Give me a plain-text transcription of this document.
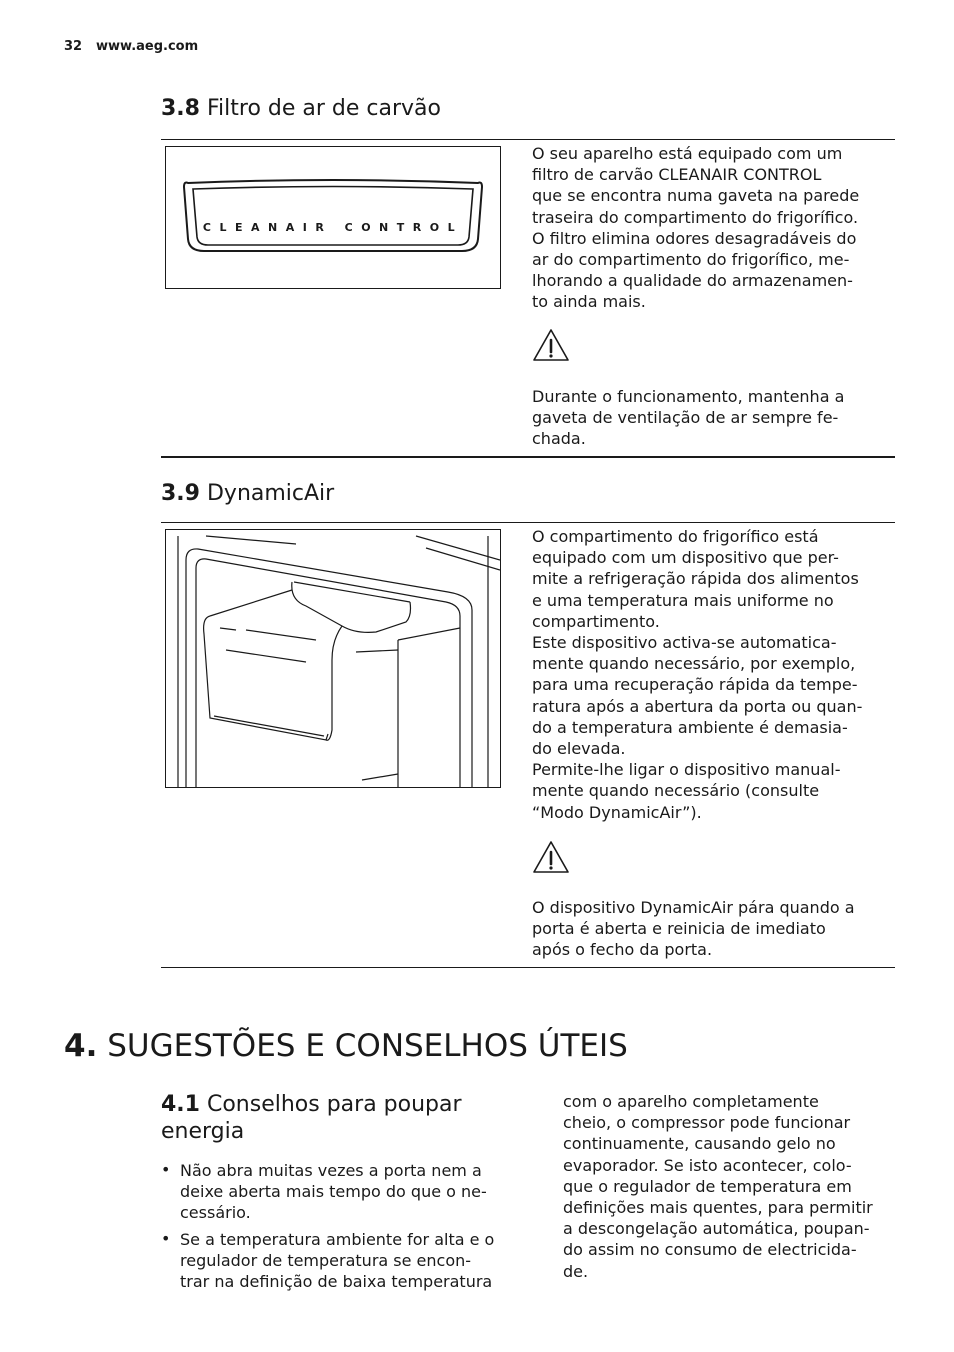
32 www.aeg.com
3.8 Filtro de ar de carvão
CLEANAIR CONTROL
O seu aparelho está equipado com um
filtro de carvão CLEANAIR CONTROL
que se encontra numa gaveta na parede
traseira do compartimento do frigorífico.
O filtro elimina odores desagradáveis do
ar do compartimento do frigorífico, me-
lhorando a qualidade do armazenamen-
to ainda mais.
Durante o funcionamento, mantenha a
gaveta de ventilação de ar sempre fe-
chada.
3.9 DynamicAir
O compartimento do frigorífico está
equipado com um dispositivo que per-
mite a refrigeração rápida dos alimentos
e uma temperatura mais uniforme no
compartimento.
Este dispositivo activa-se automatica-
mente quando necessário, por exemplo,
para uma recuperação rápida da tempe-
ratura após a abertura da porta ou quan-
do a temperatura ambiente é demasia-
do elevada.
Permite-lhe ligar o dispositivo manual-
mente quando necessário (consulte
“Modo DynamicAir”).
O dispositivo DynamicAir pára quando a
porta é aberta e reinicia de imediato
após o fecho da porta.
4. SUGESTÕES E CONSELHOS ÚTEIS
4.1 Conselhos para poupar
energia
• Não abra muitas vezes a porta nem a
deixe aberta mais tempo do que o ne-
cessário.
• Se a temperatura ambiente for alta e o
regulador de temperatura se encon-
trar na definição de baixa temperatura
com o aparelho completamente
cheio, o compressor pode funcionar
continuamente, causando gelo no
evaporador. Se isto acontecer, colo-
que o regulador de temperatura em
definições mais quentes, para permitir
a descongelação automática, poupan-
do assim no consumo de electricida-
de.
